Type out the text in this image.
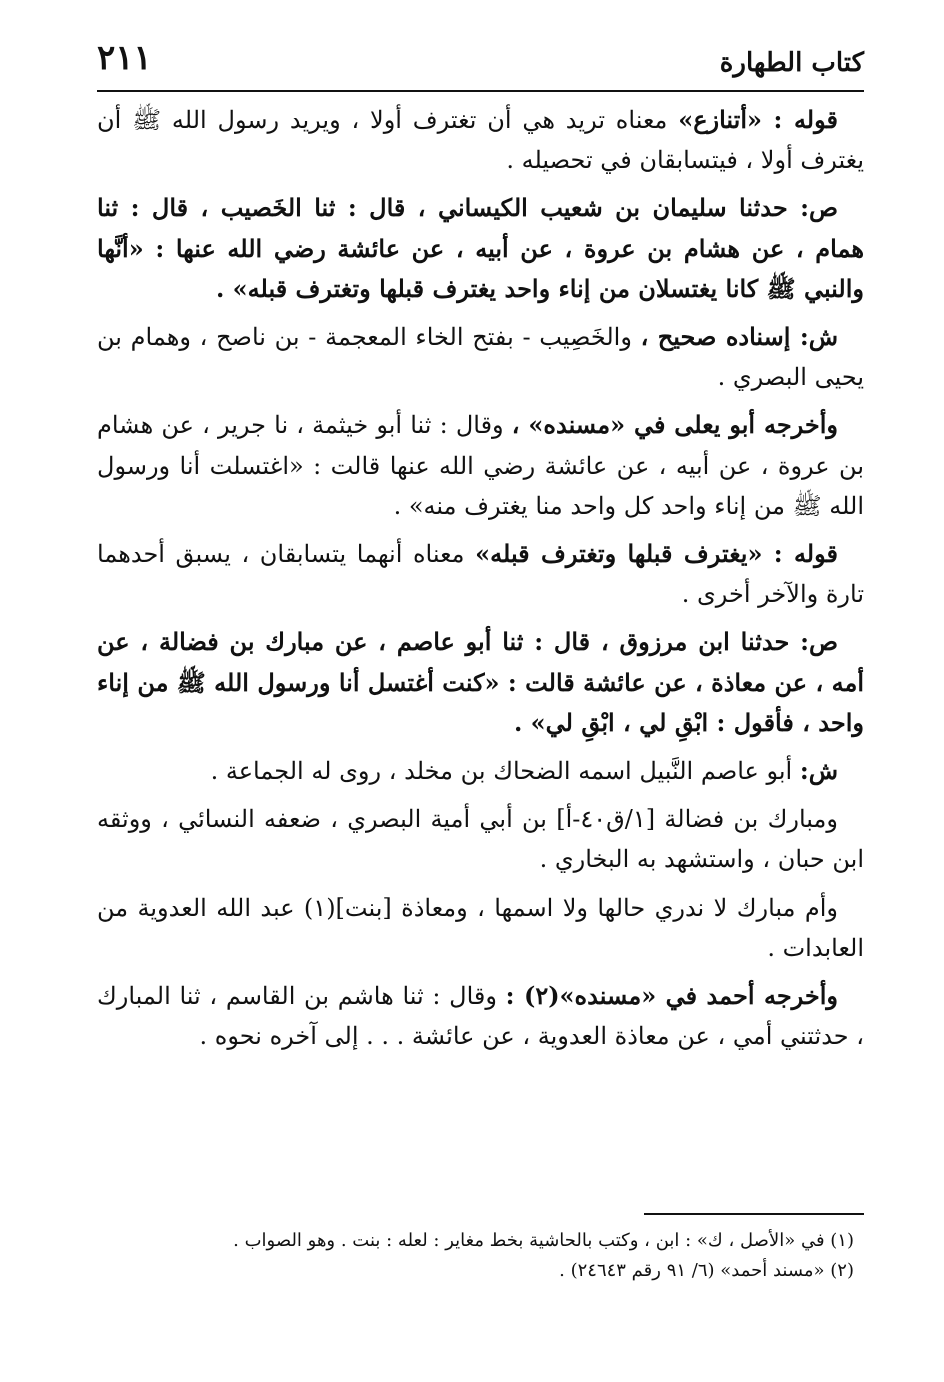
٢١١	كتاب الطهارة

قوله : «أتنازع» معناه تريد هي أن تغترف أولا ، ويريد رسول الله ﷺ أن يغترف أولا ، فيتسابقان في تحصيله .

ص: حدثنا سليمان بن شعيب الكيساني ، قال : ثنا الخَصيب ، قال : ثنا همام ، عن هشام بن عروة ، عن أبيه ، عن عائشة رضي الله عنها : «أنَّها والنبي ﷺ كانا يغتسلان من إناء واحد يغترف قبلها وتغترف قبله» .

ش: إسناده صحيح ، والخَصِيب - بفتح الخاء المعجمة - بن ناصح ، وهمام بن يحيى البصري .

وأخرجه أبو يعلى في «مسنده» ، وقال : ثنا أبو خيثمة ، نا جرير ، عن هشام بن عروة ، عن أبيه ، عن عائشة رضي الله عنها قالت : «اغتسلت أنا ورسول الله ﷺ من إناء واحد كل واحد منا يغترف منه» .

قوله : «يغترف قبلها وتغترف قبله» معناه أنهما يتسابقان ، يسبق أحدهما تارة والآخر أخرى .

ص: حدثنا ابن مرزوق ، قال : ثنا أبو عاصم ، عن مبارك بن فضالة ، عن أمه ، عن معاذة ، عن عائشة قالت : «كنت أغتسل أنا ورسول الله ﷺ من إناء واحد ، فأقول : ابْقِ لي ، ابْقِ لي» .

ش: أبو عاصم النَّبيل اسمه الضحاك بن مخلد ، روى له الجماعة .

ومبارك بن فضالة [١/ق٤٠-أ] بن أبي أمية البصري ، ضعفه النسائي ، ووثقه ابن حبان ، واستشهد به البخاري .

وأم مبارك لا ندري حالها ولا اسمها ، ومعاذة [بنت](١) عبد الله العدوية من العابدات .

وأخرجه أحمد في «مسنده»(٢) : وقال : ثنا هاشم بن القاسم ، ثنا المبارك ، حدثتني أمي ، عن معاذة العدوية ، عن عائشة . . . إلى آخره نحوه .

(١) في «الأصل ، ك» : ابن ، وكتب بالحاشية بخط مغاير : لعله : بنت . وهو الصواب .

(٢) «مسند أحمد» (٦/ ٩١ رقم ٢٤٦٤٣) .
